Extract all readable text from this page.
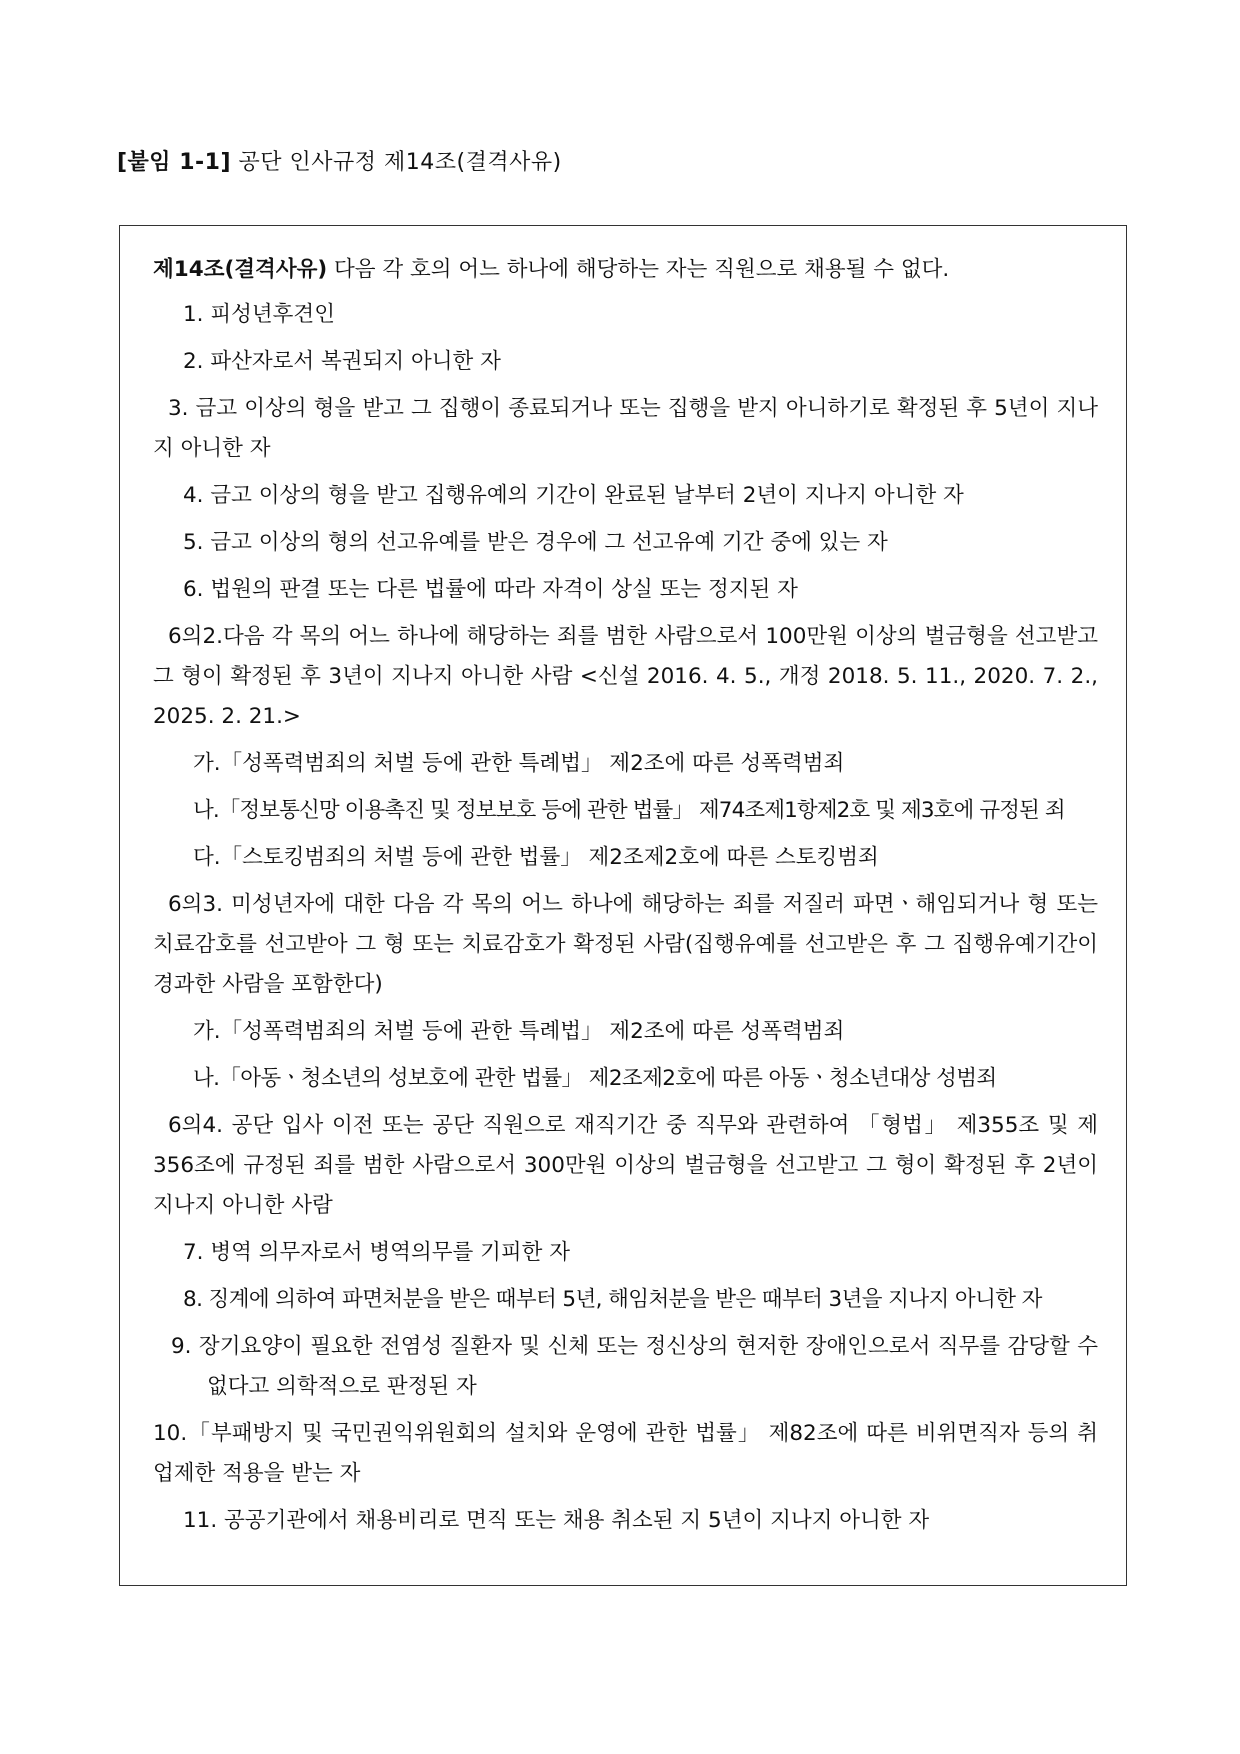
[붙임 1-1] 공단 인사규정 제14조(결격사유)

제14조(결격사유) 다음 각 호의 어느 하나에 해당하는 자는 직원으로 채용될 수 없다.

1. 피성년후견인

2. 파산자로서 복권되지 아니한 자

3. 금고 이상의 형을 받고 그 집행이 종료되거나 또는 집행을 받지 아니하기로 확정된 후 5년이 지나지 아니한 자

4. 금고 이상의 형을 받고 집행유예의 기간이 완료된 날부터 2년이 지나지 아니한 자

5. 금고 이상의 형의 선고유예를 받은 경우에 그 선고유예 기간 중에 있는 자

6. 법원의 판결 또는 다른 법률에 따라 자격이 상실 또는 정지된 자

6의2.다음 각 목의 어느 하나에 해당하는 죄를 범한 사람으로서 100만원 이상의 벌금형을 선고받고 그 형이 확정된 후 3년이 지나지 아니한 사람 <신설 2016. 4. 5., 개정 2018. 5. 11., 2020. 7. 2., 2025. 2. 21.>

가.「성폭력범죄의 처벌 등에 관한 특례법」 제2조에 따른 성폭력범죄

나.「정보통신망 이용촉진 및 정보보호 등에 관한 법률」 제74조제1항제2호 및 제3호에 규정된 죄

다.「스토킹범죄의 처벌 등에 관한 법률」 제2조제2호에 따른 스토킹범죄

6의3. 미성년자에 대한 다음 각 목의 어느 하나에 해당하는 죄를 저질러 파면ㆍ해임되거나 형 또는 치료감호를 선고받아 그 형 또는 치료감호가 확정된 사람(집행유예를 선고받은 후 그 집행유예기간이 경과한 사람을 포함한다)

가.「성폭력범죄의 처벌 등에 관한 특례법」 제2조에 따른 성폭력범죄

나.「아동ㆍ청소년의 성보호에 관한 법률」 제2조제2호에 따른 아동ㆍ청소년대상 성범죄

6의4. 공단 입사 이전 또는 공단 직원으로 재직기간 중 직무와 관련하여 「형법」 제355조 및 제356조에 규정된 죄를 범한 사람으로서 300만원 이상의 벌금형을 선고받고 그 형이 확정된 후 2년이 지나지 아니한 사람

7. 병역 의무자로서 병역의무를 기피한 자

8. 징계에 의하여 파면처분을 받은 때부터 5년, 해임처분을 받은 때부터 3년을 지나지 아니한 자

9. 장기요양이 필요한 전염성 질환자 및 신체 또는 정신상의 현저한 장애인으로서 직무를 감당할 수 없다고 의학적으로 판정된 자

10.「부패방지 및 국민권익위원회의 설치와 운영에 관한 법률」 제82조에 따른 비위면직자 등의 취업제한 적용을 받는 자

11. 공공기관에서 채용비리로 면직 또는 채용 취소된 지 5년이 지나지 아니한 자
